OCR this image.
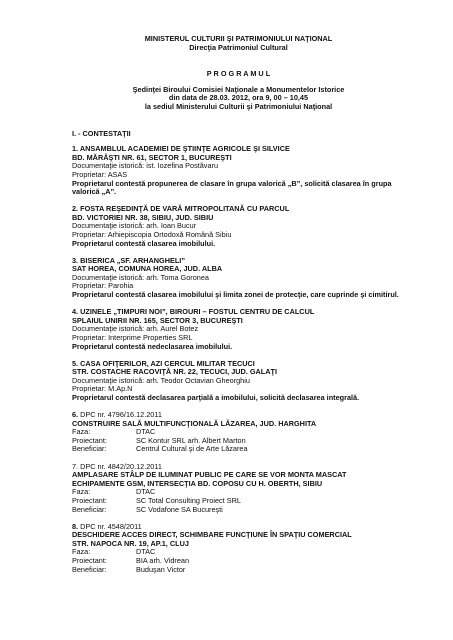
MINISTERUL CULTURII ŞI PATRIMONIULUI NAŢIONAL
Direcţia Patrimoniul Cultural
P R O G R A M U L
Şedinţei Biroului Comisiei Naţionale a Monumentelor Istorice
din data de 28.03. 2012, ora 9, 00 – 10,45
la sediul Ministerului Culturii şi Patrimoniului Naţional
I. - CONTESTAŢII
1. ANSAMBLUL ACADEMIEI DE ŞTIINŢE AGRICOLE ŞI SILVICE
BD. MĂRĂŞTI NR. 61, SECTOR 1, BUCUREŞTI
Documentaţie istorică: ist. Iozefina Postăvaru
Proprietar: ASAS
Proprietarul contestă propunerea de clasare în grupa valorică „B”, solicită clasarea în grupa valorică „A”.
2. FOSTA REŞEDINŢĂ DE VARĂ MITROPOLITANĂ CU PARCUL
BD. VICTORIEI NR. 38, SIBIU, JUD. SIBIU
Documentaţie istorică: arh. Ioan Bucur
Proprietar: Arhiepiscopia Ortodoxă Română Sibiu
Proprietarul contestă clasarea imobilului.
3. BISERICA „SF. ARHANGHELI”
SAT HOREA, COMUNA HOREA, JUD. ALBA
Documentaţie istorică: arh. Toma Goronea
Proprietar: Parohia
Proprietarul contestă clasarea imobilului şi limita zonei de protecţie, care cuprinde şi cimitirul.
4. UZINELE „TIMPURI NOI”, BIROURI – FOSTUL CENTRU DE CALCUL
SPLAIUL UNIRII NR. 165, SECTOR 3, BUCUREŞTI
Documentaţie istorică: arh. Aurel Botez
Proprietar: Interprime Properties SRL
Proprietarul contestă nedeclasarea imobilului.
5. CASA OFIŢERILOR, AZI CERCUL MILITAR TECUCI
STR. COSTACHE RACOVIŢĂ NR. 22, TECUCI, JUD. GALAŢI
Documentaţie istorică: arh. Teodor Octavian Gheorghiu
Proprietar: M.Ap.N
Proprietarul contestă declasarea parţială a imobilului, solicită declasarea integrală.
6. DPC nr. 4796/16.12.2011
CONSTRUIRE SALĂ MULTIFUNCŢIONALĂ LĂZAREA, JUD. HARGHITA
Faza:	DTAC
Proiectant:	SC Kontur SRL arh. Albert Marton
Beneficiar:	Centrul Cultural şi de Arte Lăzarea
7. DPC nr. 4842/20.12.2011
AMPLASARE STÂLP DE ILUMINAT PUBLIC PE CARE SE VOR MONTA MASCAT
ECHIPAMENTE GSM, INTERSECŢIA BD. COPOSU CU H. OBERTH, SIBIU
Faza:	DTAC
Proiectant:	SC Total Consulting Proiect SRL
Beneficiar:	SC Vodafone SA Bucureşti
8. DPC nr. 4548/2011
DESCHIDERE ACCES DIRECT, SCHIMBARE FUNCŢIUNE ÎN SPAŢIU COMERCIAL
STR. NAPOCA NR. 19, AP.1, CLUJ
Faza:	DTAC
Proiectant:	BIA arh. Vidrean
Beneficiar:	Buduşan Victor
